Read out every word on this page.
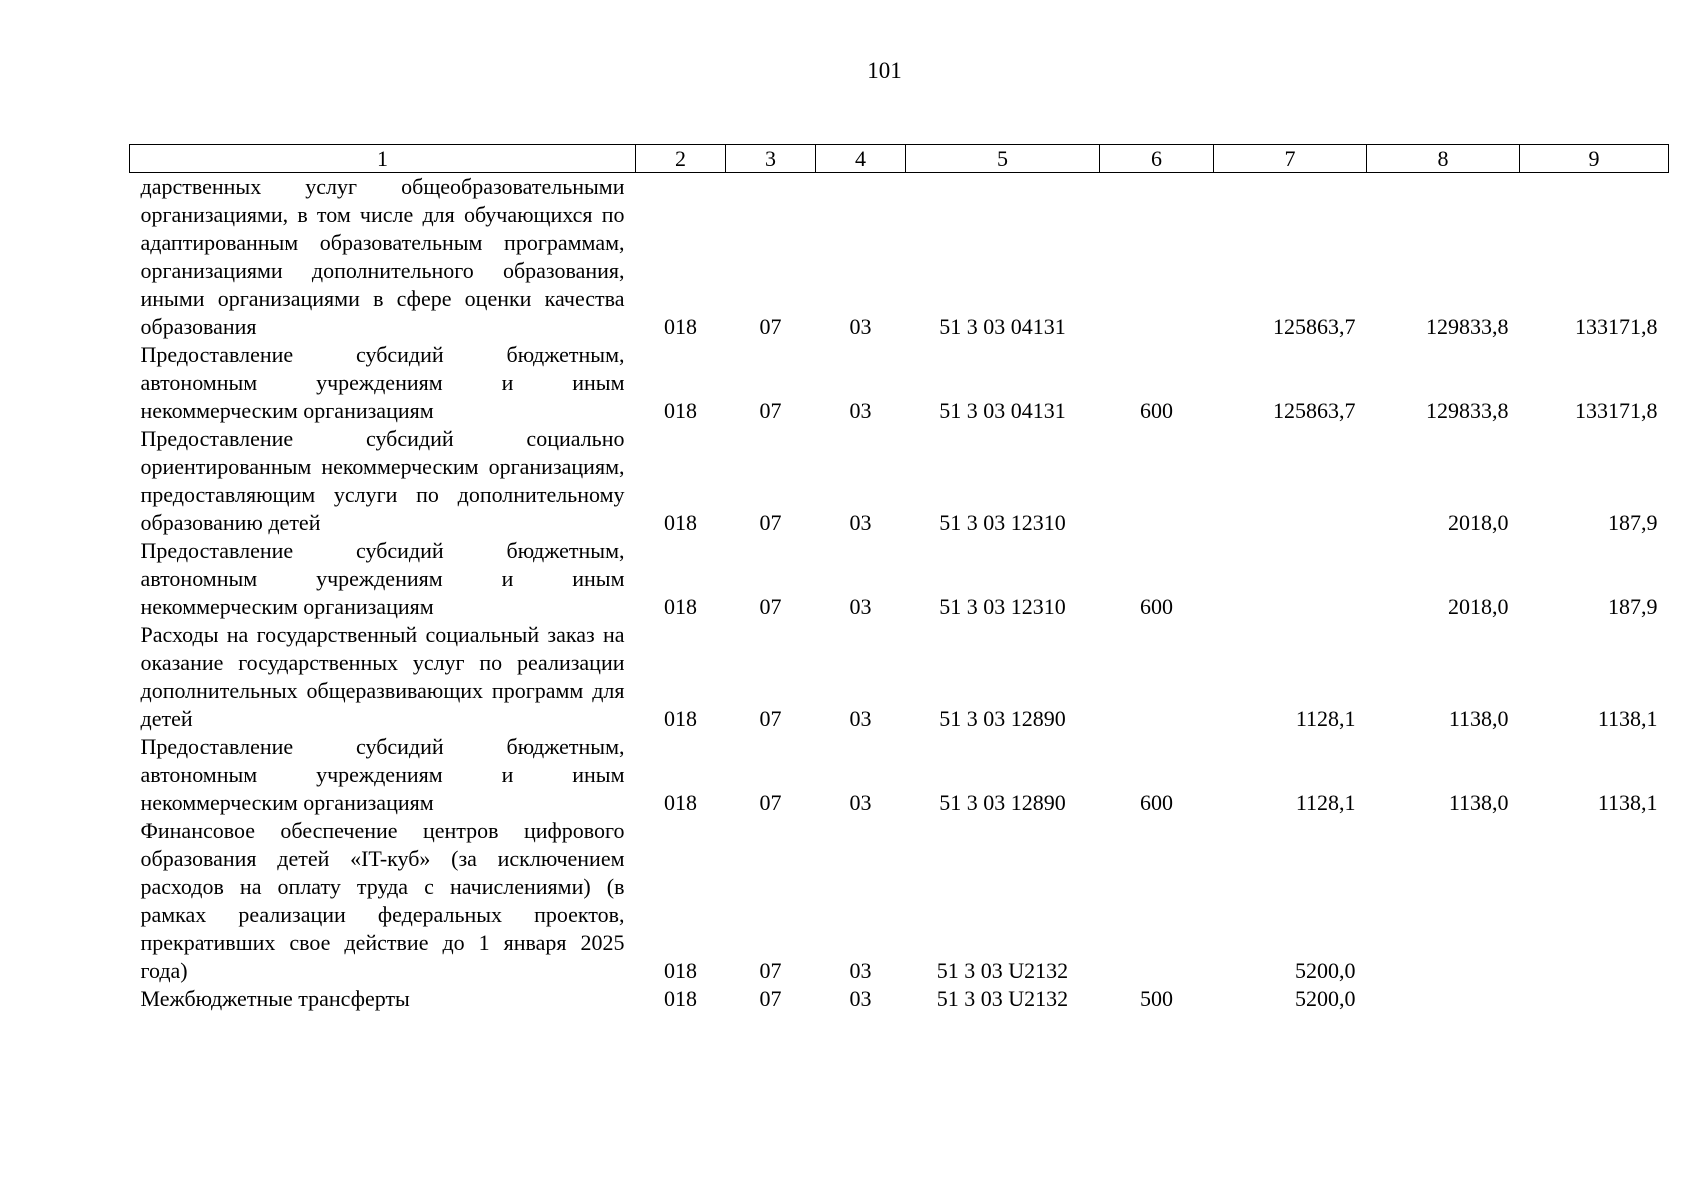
101
1	2	3	4	5	6	7	8	9
дарственных услуг общеобразовательными организациями, в том числе для обучающихся по адаптированным образовательным программам, организациями дополнительного образования, иными организациями в сфере оценки качества образования	018	07	03	51 3 03 04131		125863,7	129833,8	133171,8
Предоставление субсидий бюджетным, автономным учреждениям и иным некоммерческим организациям	018	07	03	51 3 03 04131	600	125863,7	129833,8	133171,8
Предоставление субсидий социально ориентированным некоммерческим организациям, предоставляющим услуги по дополнительному образованию детей	018	07	03	51 3 03 12310			2018,0	187,9
Предоставление субсидий бюджетным, автономным учреждениям и иным некоммерческим организациям	018	07	03	51 3 03 12310	600		2018,0	187,9
Расходы на государственный социальный заказ на оказание государственных услуг по реализации дополнительных общеразвивающих программ для детей	018	07	03	51 3 03 12890		1128,1	1138,0	1138,1
Предоставление субсидий бюджетным, автономным учреждениям и иным некоммерческим организациям	018	07	03	51 3 03 12890	600	1128,1	1138,0	1138,1
Финансовое обеспечение центров цифрового образования детей «IT-куб» (за исключением расходов на оплату труда с начислениями) (в рамках реализации федеральных проектов, прекративших свое действие до 1 января 2025 года)	018	07	03	51 3 03 U2132		5200,0		
Межбюджетные трансферты	018	07	03	51 3 03 U2132	500	5200,0		
